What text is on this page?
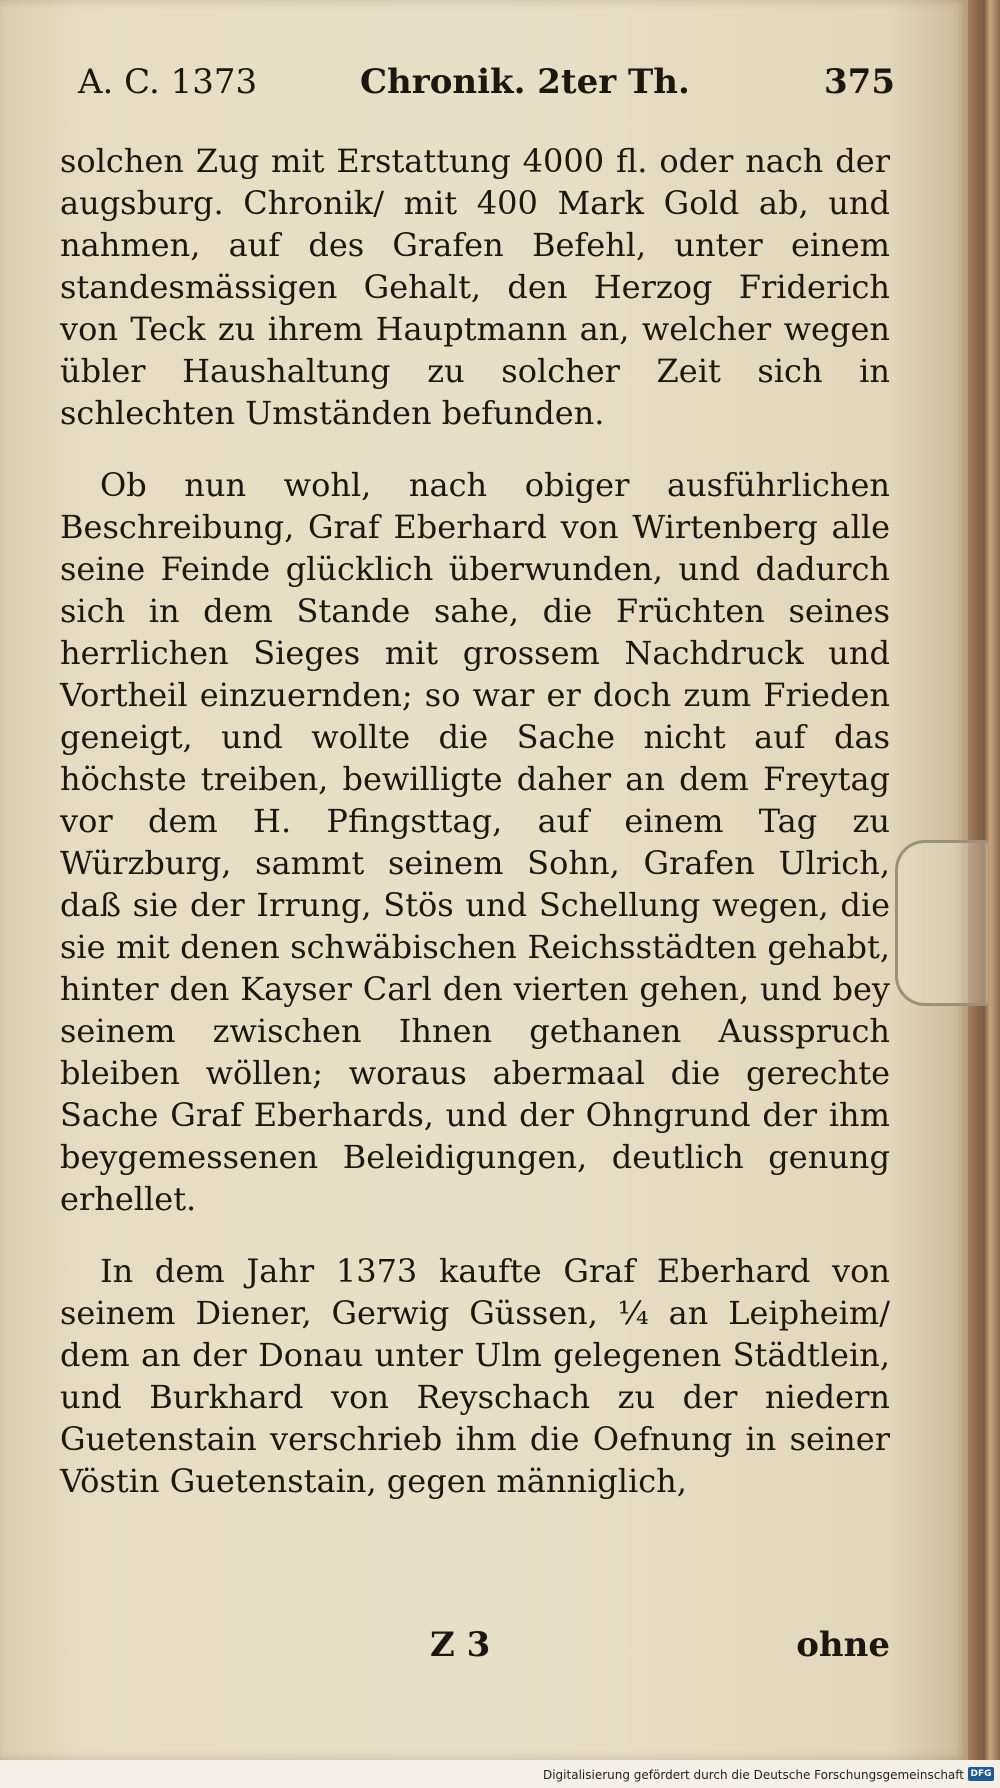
A. C. 1373	Chronik. 2ter Th.	375

solchen Zug mit Erstattung 4000 fl. oder nach der augsburg. Chronik/ mit 400 Mark Gold ab, und nahmen, auf des Grafen Befehl, unter einem standesmässigen Gehalt, den Herzog Friderich von Teck zu ihrem Hauptmann an, welcher wegen übler Haushaltung zu solcher Zeit sich in schlechten Umständen befunden.

Ob nun wohl, nach obiger ausführlichen Beschreibung, Graf Eberhard von Wirtenberg alle seine Feinde glücklich überwunden, und dadurch sich in dem Stande sahe, die Früchten seines herrlichen Sieges mit grossem Nachdruck und Vortheil einzuernden; so war er doch zum Frieden geneigt, und wollte die Sache nicht auf das höchste treiben, bewilligte daher an dem Freytag vor dem H. Pfingsttag, auf einem Tag zu Würzburg, sammt seinem Sohn, Grafen Ulrich, daß sie der Irrung, Stös und Schellung wegen, die sie mit denen schwäbischen Reichsstädten gehabt, hinter den Kayser Carl den vierten gehen, und bey seinem zwischen Ihnen gethanen Ausspruch bleiben wöllen; woraus abermaal die gerechte Sache Graf Eberhards, und der Ohngrund der ihm beygemessenen Beleidigungen, deutlich genung erhellet.

In dem Jahr 1373 kaufte Graf Eberhard von seinem Diener, Gerwig Güssen, ¼ an Leipheim/ dem an der Donau unter Ulm gelegenen Städtlein, und Burkhard von Reyschach zu der niedern Guetenstain verschrieb ihm die Oefnung in seiner Vöstin Guetenstain, gegen männiglich,

Z 3	ohne
Digitalisierung gefördert durch die Deutsche Forschungsgemeinschaft DFG
